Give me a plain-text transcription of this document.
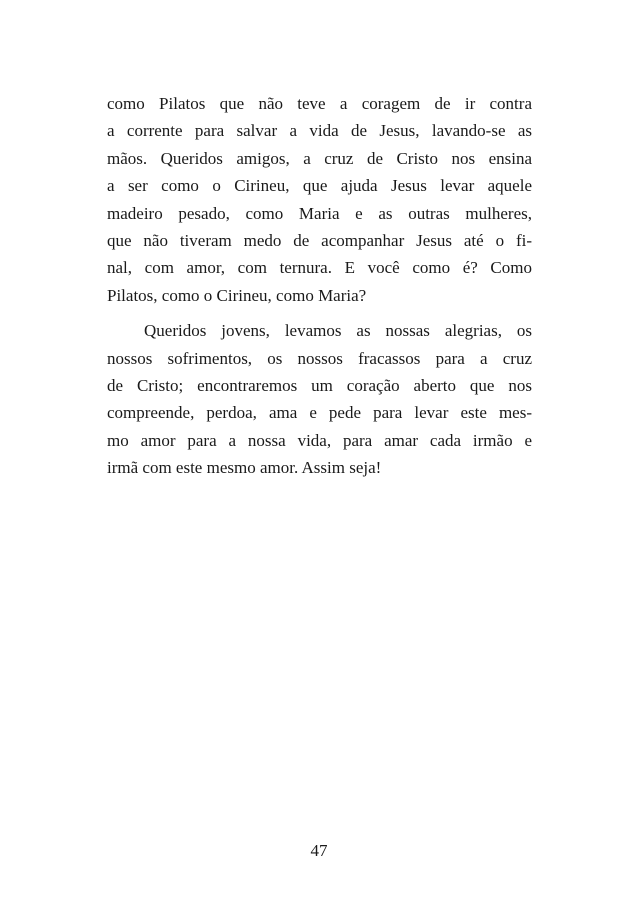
como Pilatos que não teve a coragem de ir contra
a corrente para salvar a vida de Jesus, lavando-se as
mãos. Queridos amigos, a cruz de Cristo nos ensina
a ser como o Cirineu, que ajuda Jesus levar aquele
madeiro pesado, como Maria e as outras mulheres,
que não tiveram medo de acompanhar Jesus até o fi-
nal, com amor, com ternura. E você como é? Como
Pilatos, como o Cirineu, como Maria?
Queridos jovens, levamos as nossas alegrias, os
nossos sofrimentos, os nossos fracassos para a cruz
de Cristo; encontraremos um coração aberto que nos
compreende, perdoa, ama e pede para levar este mes-
mo amor para a nossa vida, para amar cada irmão e
irmã com este mesmo amor. Assim seja!
47
